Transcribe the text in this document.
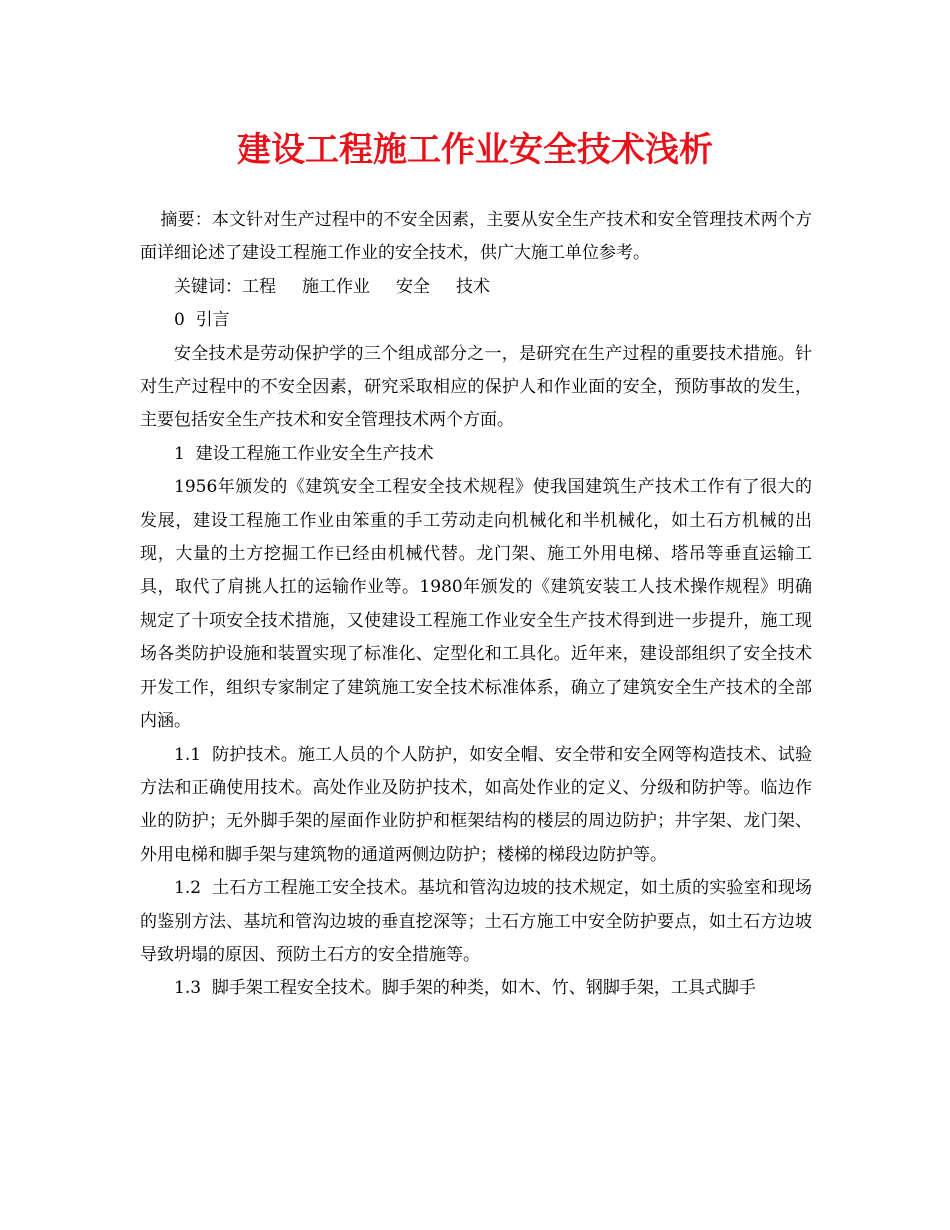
建设工程施工作业安全技术浅析

摘要：本文针对生产过程中的不安全因素，主要从安全生产技术和安全管理技术两个方面详细论述了建设工程施工作业的安全技术，供广大施工单位参考。

关键词：工程 施工作业 安全 技术

0  引言

安全技术是劳动保护学的三个组成部分之一，是研究在生产过程的重要技术措施。针对生产过程中的不安全因素，研究采取相应的保护人和作业面的安全，预防事故的发生，主要包括安全生产技术和安全管理技术两个方面。

1  建设工程施工作业安全生产技术

1956年颁发的《建筑安全工程安全技术规程》使我国建筑生产技术工作有了很大的发展，建设工程施工作业由笨重的手工劳动走向机械化和半机械化，如土石方机械的出现，大量的土方挖掘工作已经由机械代替。龙门架、施工外用电梯、塔吊等垂直运输工具，取代了肩挑人扛的运输作业等。1980年颁发的《建筑安装工人技术操作规程》明确规定了十项安全技术措施，又使建设工程施工作业安全生产技术得到进一步提升，施工现场各类防护设施和装置实现了标准化、定型化和工具化。近年来，建设部组织了安全技术开发工作，组织专家制定了建筑施工安全技术标准体系，确立了建筑安全生产技术的全部内涵。

1.1  防护技术。施工人员的个人防护，如安全帽、安全带和安全网等构造技术、试验方法和正确使用技术。高处作业及防护技术，如高处作业的定义、分级和防护等。临边作业的防护；无外脚手架的屋面作业防护和框架结构的楼层的周边防护；井字架、龙门架、外用电梯和脚手架与建筑物的通道两侧边防护；楼梯的梯段边防护等。

1.2  土石方工程施工安全技术。基坑和管沟边坡的技术规定，如土质的实验室和现场的鉴别方法、基坑和管沟边坡的垂直挖深等；土石方施工中安全防护要点，如土石方边坡导致坍塌的原因、预防土石方的安全措施等。

1.3  脚手架工程安全技术。脚手架的种类，如木、竹、钢脚手架，工具式脚手
